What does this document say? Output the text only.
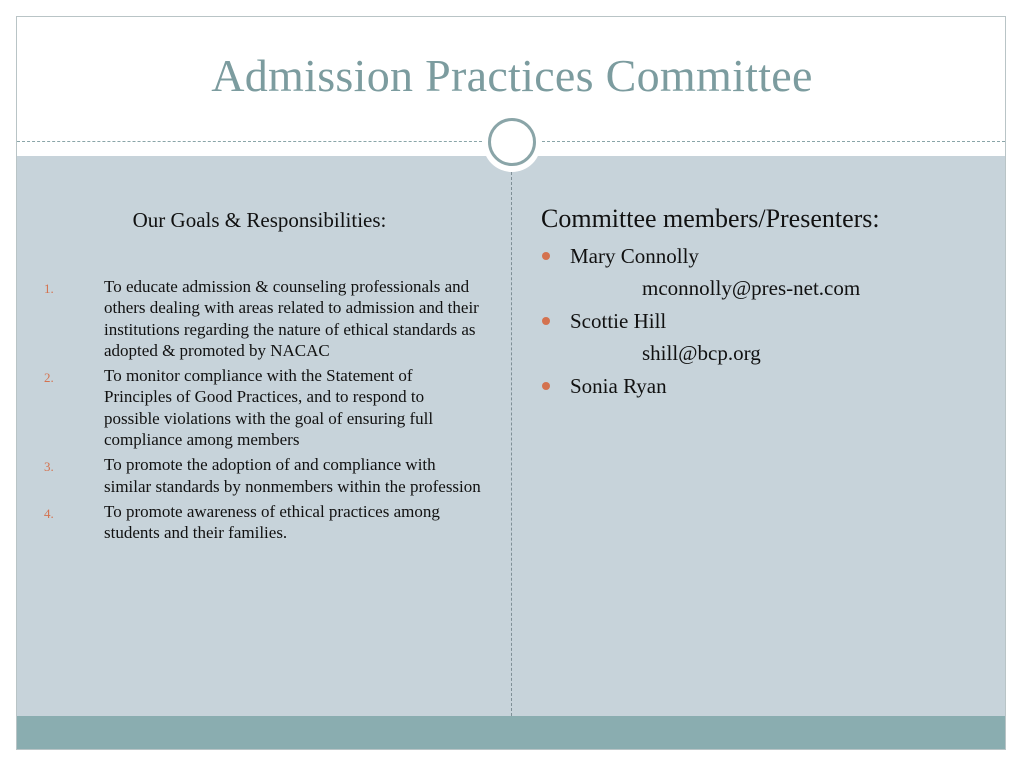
Admission Practices Committee
Our Goals & Responsibilities:
1.	To educate admission & counseling professionals and others dealing with areas related to admission and their institutions regarding the nature of ethical standards as adopted & promoted by NACAC
2.	To monitor compliance with the Statement of Principles of Good Practices, and to respond to possible violations with the goal of ensuring full compliance among members
3.	To promote the adoption of and compliance with similar standards by nonmembers within the profession
4.	To promote awareness of ethical practices among students and their families.
Committee members/Presenters:
Mary Connolly
mconnolly@pres-net.com
Scottie Hill
shill@bcp.org
Sonia Ryan
